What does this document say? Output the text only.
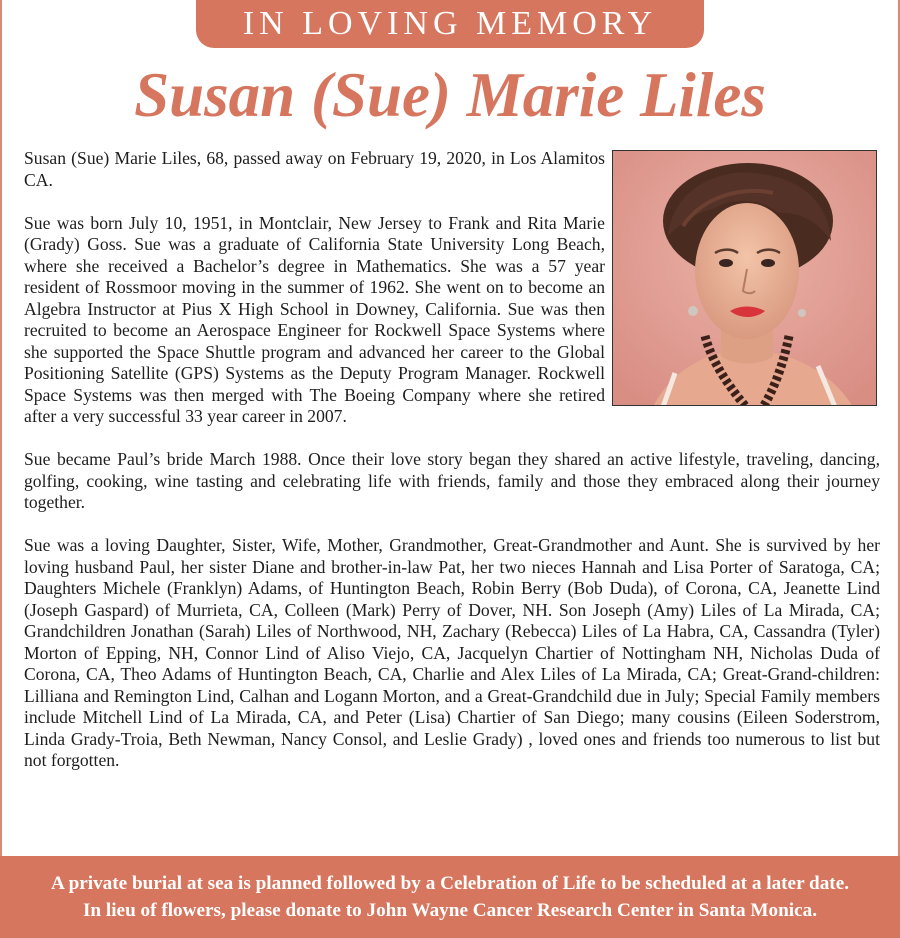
IN LOVING MEMORY
Susan (Sue) Marie Liles

Susan (Sue) Marie Liles, 68, passed away on February 19, 2020, in Los Alamitos CA.

Sue was born July 10, 1951, in Montclair, New Jersey to Frank and Rita Marie (Grady) Goss. Sue was a graduate of California State University Long Beach, where she received a Bachelor’s degree in Mathematics. She was a 57 year resident of Rossmoor moving in the summer of 1962. She went on to become an Algebra Instructor at Pius X High School in Downey, California. Sue was then recruited to become an Aerospace Engineer for Rockwell Space Systems where she supported the Space Shuttle program and advanced her career to the Global Positioning Satellite (GPS) Systems as the Deputy Program Manager. Rockwell Space Systems was then merged with The Boeing Company where she retired after a very successful 33 year career in 2007.

Sue became Paul’s bride March 1988. Once their love story began they shared an active lifestyle, traveling, dancing, golfing, cooking, wine tasting and celebrating life with friends, family and those they embraced along their journey together.

Sue was a loving Daughter, Sister, Wife, Mother, Grandmother, Great-Grandmother and Aunt. She is survived by her loving husband Paul, her sister Diane and brother-in-law Pat, her two nieces Hannah and Lisa Porter of Saratoga, CA; Daughters Michele (Franklyn) Adams, of Huntington Beach, Robin Berry (Bob Duda), of Corona, CA, Jeanette Lind (Joseph Gaspard) of Murrieta, CA, Colleen (Mark) Perry of Dover, NH. Son Joseph (Amy) Liles of La Mirada, CA; Grandchildren Jonathan (Sarah) Liles of Northwood, NH, Zachary (Rebecca) Liles of La Habra, CA, Cassandra (Tyler) Morton of Epping, NH, Connor Lind of Aliso Viejo, CA, Jacquelyn Chartier of Nottingham NH, Nicholas Duda of Corona, CA, Theo Adams of Huntington Beach, CA, Charlie and Alex Liles of La Mirada, CA; Great-Grand-children: Lilliana and Remington Lind, Calhan and Logann Morton, and a Great-Grandchild due in July; Special Family members include Mitchell Lind of La Mirada, CA, and Peter (Lisa) Chartier of San Diego; many cousins (Eileen Soderstrom, Linda Grady-Troia, Beth Newman, Nancy Consol, and Leslie Grady) , loved ones and friends too numerous to list but not forgotten.

A private burial at sea is planned followed by a Celebration of Life to be scheduled at a later date.
In lieu of flowers, please donate to John Wayne Cancer Research Center in Santa Monica.
